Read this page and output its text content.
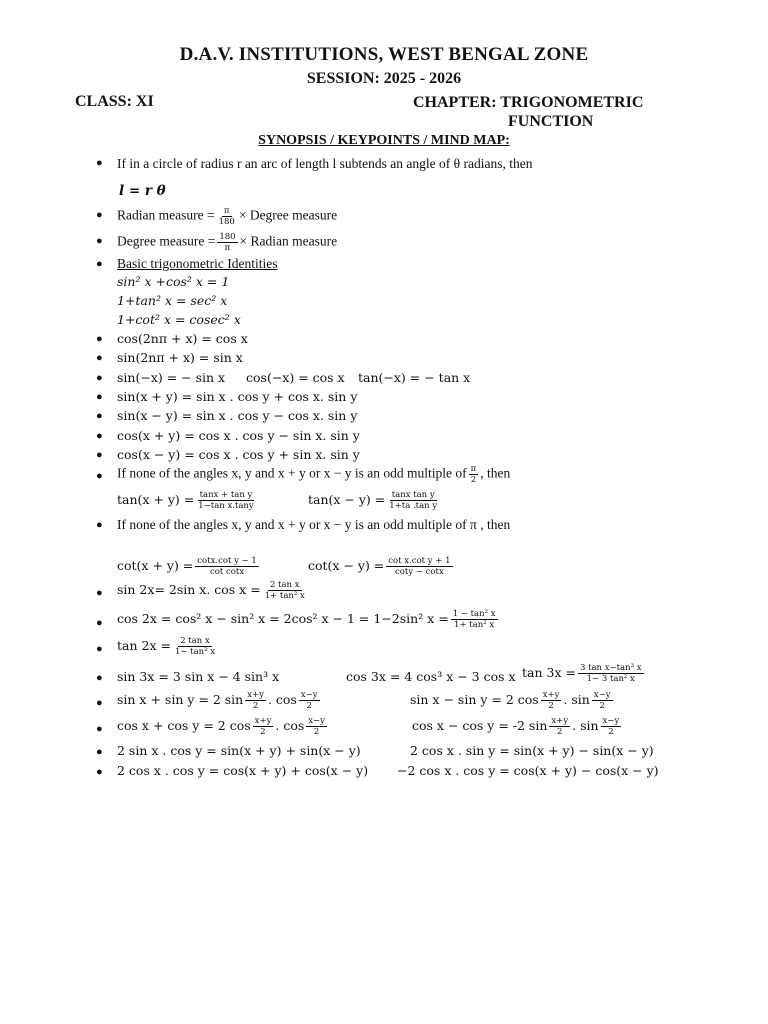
D.A.V. INSTITUTIONS, WEST BENGAL ZONE
SESSION: 2025 - 2026
CLASS: XI	CHAPTER: TRIGONOMETRIC
FUNCTION
SYNOPSIS / KEYPOINTS / MIND MAP:
● If in a circle of radius r an arc of length l subtends an angle of θ radians, then
l = r θ
● Radian measure = $\frac{\pi}{180}$ × Degree measure
● Degree measure = $\frac{180}{\pi}$ × Radian measure
● Basic trigonometric Identities
sin² x +cos² x = 1
1+tan² x = sec² x
1+cot² x = cosec² x
● cos(2nπ + x) = cos x
● sin(2nπ + x) = sin x
● sin(−x) = − sin x cos(−x) = cos x tan(−x) = − tan x
● sin(x + y) = sin x . cos y + cos x. sin y
● sin(x − y) = sin x . cos y − cos x. sin y
● cos(x + y) = cos x . cos y − sin x. sin y
● cos(x − y) = cos x . cos y + sin x. sin y
● If none of the angles x, y and x + y or x − y is an odd multiple of $\frac{\pi}{2}$ , then
$\tan(x + y) = \frac{\text{tanx + tan y}}{\text{1−tan x.tany}}$	$\tan(x - y) = \frac{\text{tanx tan y}}{\text{1+ta .tan y}}$
● If none of the angles x, y and x + y or x − y is an odd multiple of π , then
$\cot(x + y) = \frac{\text{cotx.cot y − 1}}{\text{cot cotx}}$	$\cot(x - y) = \frac{\text{cot x.cot y + 1}}{\cot y - \cot x}$
● sin 2x= 2sin x. $\cos x = \frac{\text{2 tan x}}{\text{1+ tan² x}}$
● cos 2x = cos² x − sin² x = 2cos² x − 1 = 1−2sin² $x = \frac{\text{1 − tan² x}}{\text{1+ tan² x}}$
● $\tan 2x = \frac{\text{2 tan x}}{\text{1− tan² x}}$
● sin 3x = 3 sin x − 4 sin³ x	cos 3x = 4 cos³ x − 3 cos x $\tan 3x = \frac{\text{3 tan x−tan³ x}}{\text{1− 3 tan² x}}$
● sin x + sin y = 2 $\sin \frac{x+y}{2}$ . $\cos \frac{x-y}{2}$	sin x − sin y = 2 $\cos \frac{x+y}{2}$ . $\sin \frac{x-y}{2}$
● cos x + cos y = 2 $\cos \frac{x+y}{2}$ . $\cos \frac{x-y}{2}$	cos x − cos y = -2 $\sin \frac{x+y}{2}$ . $\sin \frac{x-y}{2}$
● 2 sin x . cos y = sin(x + y) + sin(x − y)	2 cos x . sin y = sin(x + y) − sin(x − y)
● 2 cos x . cos y = cos(x + y) + cos(x − y) −2 cos x . cos y = cos(x + y) − cos(x − y)
